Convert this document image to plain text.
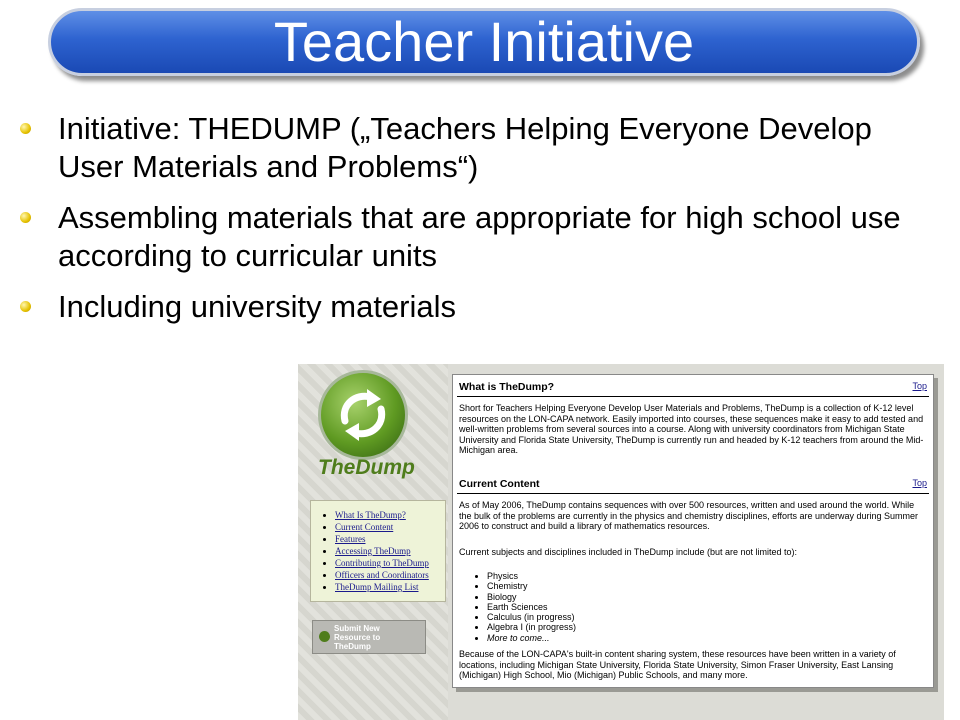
Teacher Initiative
Initiative: THEDUMP („Teachers Helping Everyone Develop User Materials and Problems“)
Assembling materials that are appropriate for high school use according to curricular units
Including university materials

TheDump

• What Is TheDump?
• Current Content
• Features
• Accessing TheDump
• Contributing to TheDump
• Officers and Coordinators
• TheDump Mailing List
Submit New Resource to TheDump
What is TheDump?	Top

Short for Teachers Helping Everyone Develop User Materials and Problems, TheDump is a collection of K-12 level resources on the LON-CAPA network. Easily imported into courses, these sequences make it easy to add tested and well-written problems from several sources into a course. Along with university coordinators from Michigan State University and Florida State University, TheDump is currently run and headed by K-12 teachers from around the Mid-Michigan area.

Current Content	Top

As of May 2006, TheDump contains sequences with over 500 resources, written and used around the world. While the bulk of the problems are currently in the physics and chemistry disciplines, efforts are underway during Summer 2006 to construct and build a library of mathematics resources.

Current subjects and disciplines included in TheDump include (but are not limited to):

• Physics
• Chemistry
• Biology
• Earth Sciences
• Calculus (in progress)
• Algebra I (in progress)
• More to come...

Because of the LON-CAPA's built-in content sharing system, these resources have been written in a variety of locations, including Michigan State University, Florida State University, Simon Fraser University, East Lansing (Michigan) High School, Mio (Michigan) Public Schools, and many more.
